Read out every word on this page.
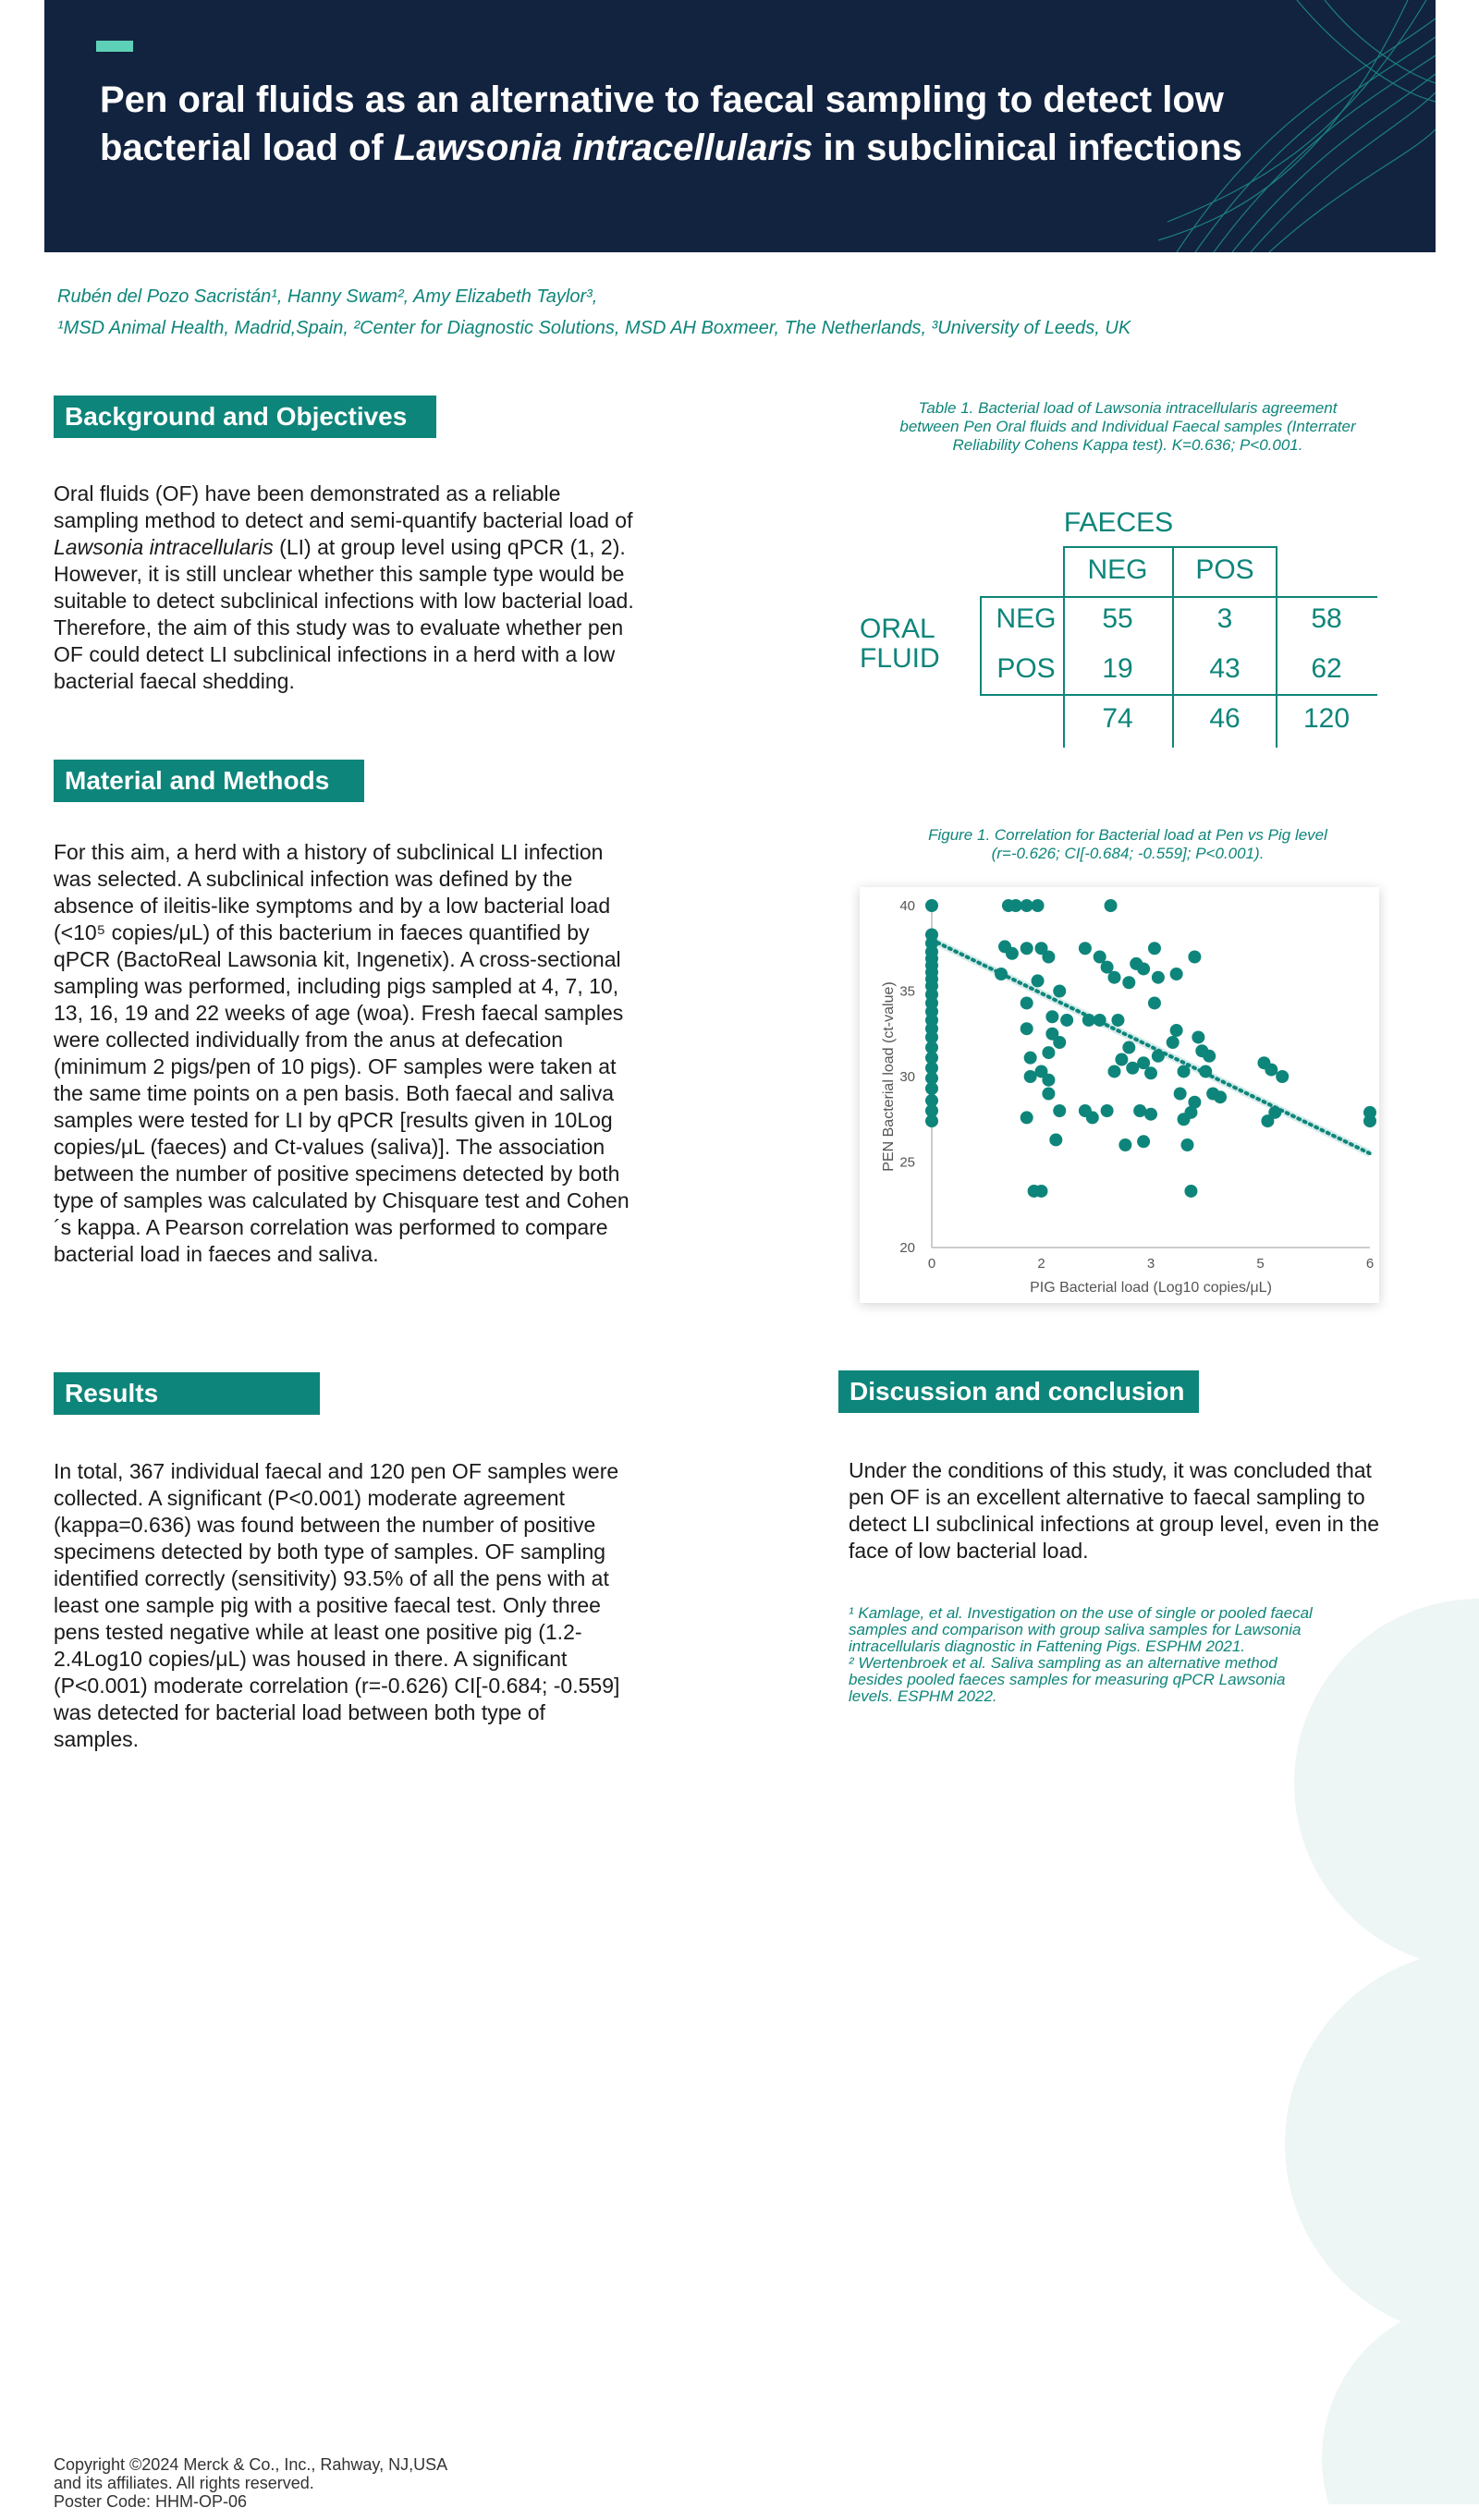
Pen oral fluids as an alternative to faecal sampling to detect low bacterial load of Lawsonia intracellularis in subclinical infections
Rubén del Pozo Sacristán¹, Hanny Swam², Amy Elizabeth Taylor³,
¹MSD Animal Health, Madrid,Spain, ²Center for Diagnostic Solutions, MSD AH Boxmeer, The Netherlands, ³University of Leeds, UK
Background and Objectives

Oral fluids (OF) have been demonstrated as a reliable sampling method to detect and semi-quantify bacterial load of Lawsonia intracellularis (LI) at group level using qPCR (1, 2). However, it is still unclear whether this sample type would be suitable to detect subclinical infections with low bacterial load. Therefore, the aim of this study was to evaluate whether pen OF could detect LI subclinical infections in a herd with a low bacterial faecal shedding.

Material and Methods
For this aim, a herd with a history of subclinical LI infection was selected. A subclinical infection was defined by the absence of ileitis-like symptoms and by a low bacterial load (<10⁵ copies/μL) of this bacterium in faeces quantified by qPCR (BactoReal Lawsonia kit, Ingenetix). A cross-sectional sampling was performed, including pigs sampled at 4, 7, 10, 13, 16, 19 and 22 weeks of age (woa). Fresh faecal samples were collected individually from the anus at defecation (minimum 2 pigs/pen of 10 pigs). OF samples were taken at the same time points on a pen basis. Both faecal and saliva samples were tested for LI by qPCR [results given in 10Log copies/μL (faeces) and Ct-values (saliva)]. The association between the number of positive specimens detected by both type of samples was calculated by Chisquare test and Cohen´s kappa. A Pearson correlation was performed to compare bacterial load in faeces and saliva.
Results
In total, 367 individual faecal and 120 pen OF samples were collected. A significant (P<0.001) moderate agreement (kappa=0.636) was found between the number of positive specimens detected by both type of samples. OF sampling identified correctly (sensitivity) 93.5% of all the pens with at least one sample pig with a positive faecal test. Only three pens tested negative while at least one positive pig (1.2-2.4Log10 copies/μL) was housed in there. A significant (P<0.001) moderate correlation (r=-0.626) CI[-0.684; -0.559] was detected for bacterial load between both type of samples.
Table 1. Bacterial load of Lawsonia intracellularis agreement between Pen Oral fluids and Individual Faecal samples (Interrater Reliability Cohens Kappa test). K=0.636; P<0.001.
FAECES
ORAL
FLUID
NEG	POS
NEG	55	3	58
POS	19	43	62
74	46	120
Figure 1. Correlation for Bacterial load at Pen vs Pig level (r=-0.626; CI[-0.684; -0.559]; P<0.001).
20
25
30
35
40
0	2	3	5	6
PIG Bacterial load (Log10 copies/μL)
PEN Bacterial load (ct-value)
Discussion and conclusion
Under the conditions of this study, it was concluded that pen OF is an excellent alternative to faecal sampling to detect LI subclinical infections at group level, even in the face of low bacterial load.

¹ Kamlage, et al. Investigation on the use of single or pooled faecal samples and comparison with group saliva samples for Lawsonia intracellularis diagnostic in Fattening Pigs. ESPHM 2021.

² Wertenbroek et al. Saliva sampling as an alternative method besides pooled faeces samples for measuring qPCR Lawsonia levels. ESPHM 2022.

Copyright ©2024 Merck & Co., Inc., Rahway, NJ,USA

and its affiliates. All rights reserved.

Poster Code: HHM-OP-06
